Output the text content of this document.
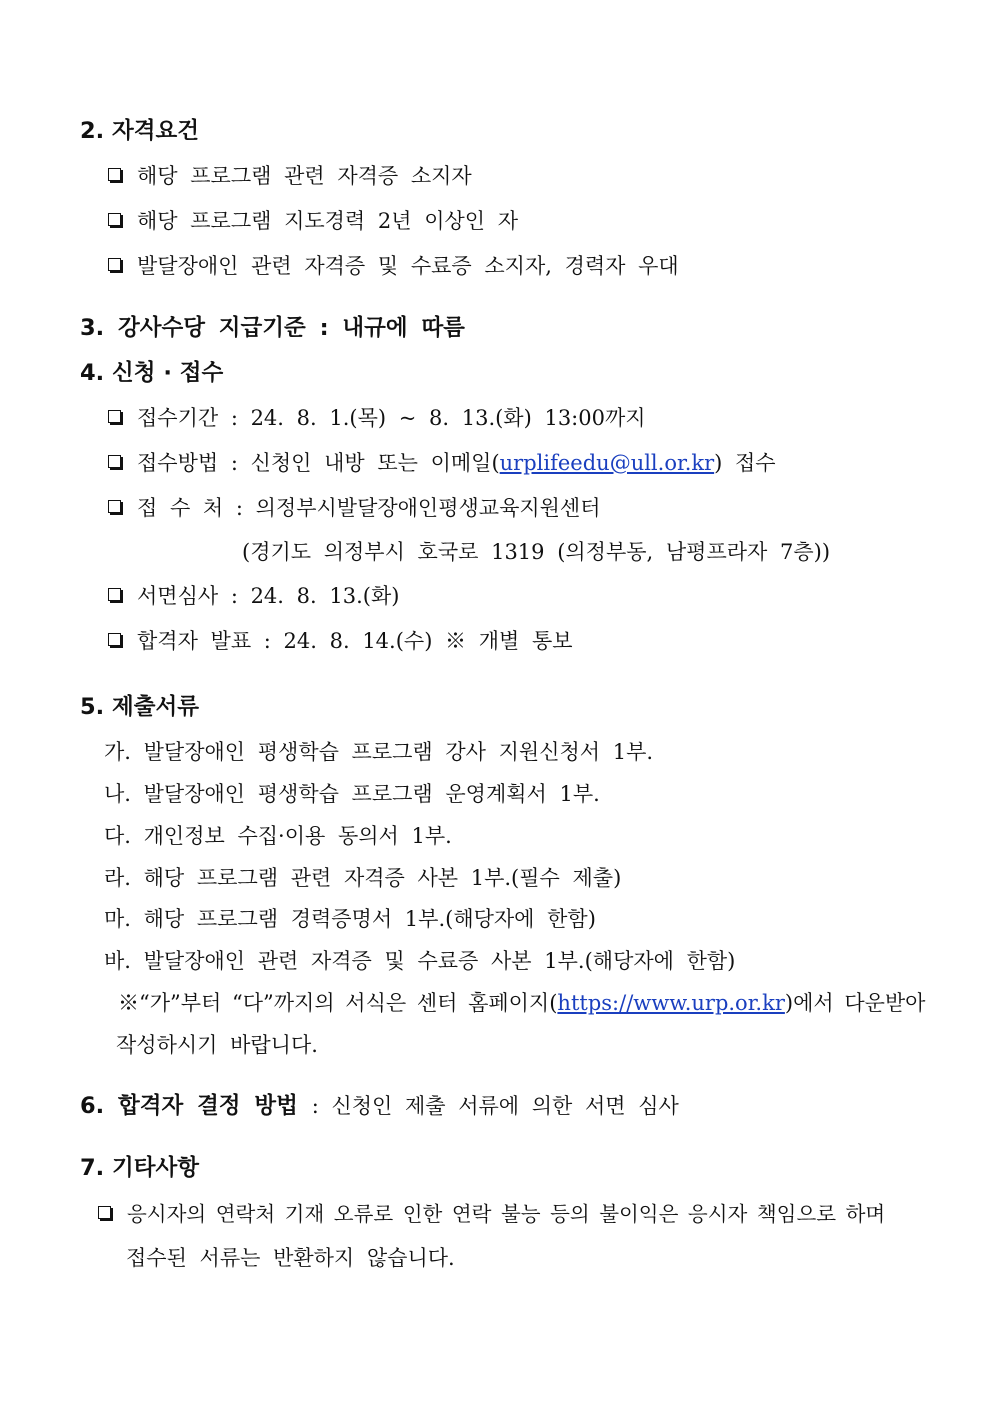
2. 자격요건
해당 프로그램 관련 자격증 소지자
해당 프로그램 지도경력 2년 이상인 자
발달장애인 관련 자격증 및 수료증 소지자, 경력자 우대
3. 강사수당 지급기준 : 내규에 따름
4. 신청 · 접수
접수기간 : 24. 8. 1.(목) ~ 8. 13.(화) 13:00까지
접수방법 : 신청인 내방 또는 이메일(urplifeedu@ull.or.kr) 접수
접 수 처 : 의정부시발달장애인평생교육지원센터
(경기도 의정부시 호국로 1319 (의정부동, 남평프라자 7층))
서면심사 : 24. 8. 13.(화)
합격자 발표 : 24. 8. 14.(수) ※ 개별 통보
5. 제출서류
가. 발달장애인 평생학습 프로그램 강사 지원신청서 1부.
나. 발달장애인 평생학습 프로그램 운영계획서 1부.
다. 개인정보 수집·이용 동의서 1부.
라. 해당 프로그램 관련 자격증 사본 1부.(필수 제출)
마. 해당 프로그램 경력증명서 1부.(해당자에 한함)
바. 발달장애인 관련 자격증 및 수료증 사본 1부.(해당자에 한함)
※“가”부터 “다”까지의 서식은 센터 홈페이지(https://www.urp.or.kr)에서 다운받아
작성하시기 바랍니다.
6. 합격자 결정 방법 : 신청인 제출 서류에 의한 서면 심사
7. 기타사항
응시자의 연락처 기재 오류로 인한 연락 불능 등의 불이익은 응시자 책임으로 하며
접수된 서류는 반환하지 않습니다.
